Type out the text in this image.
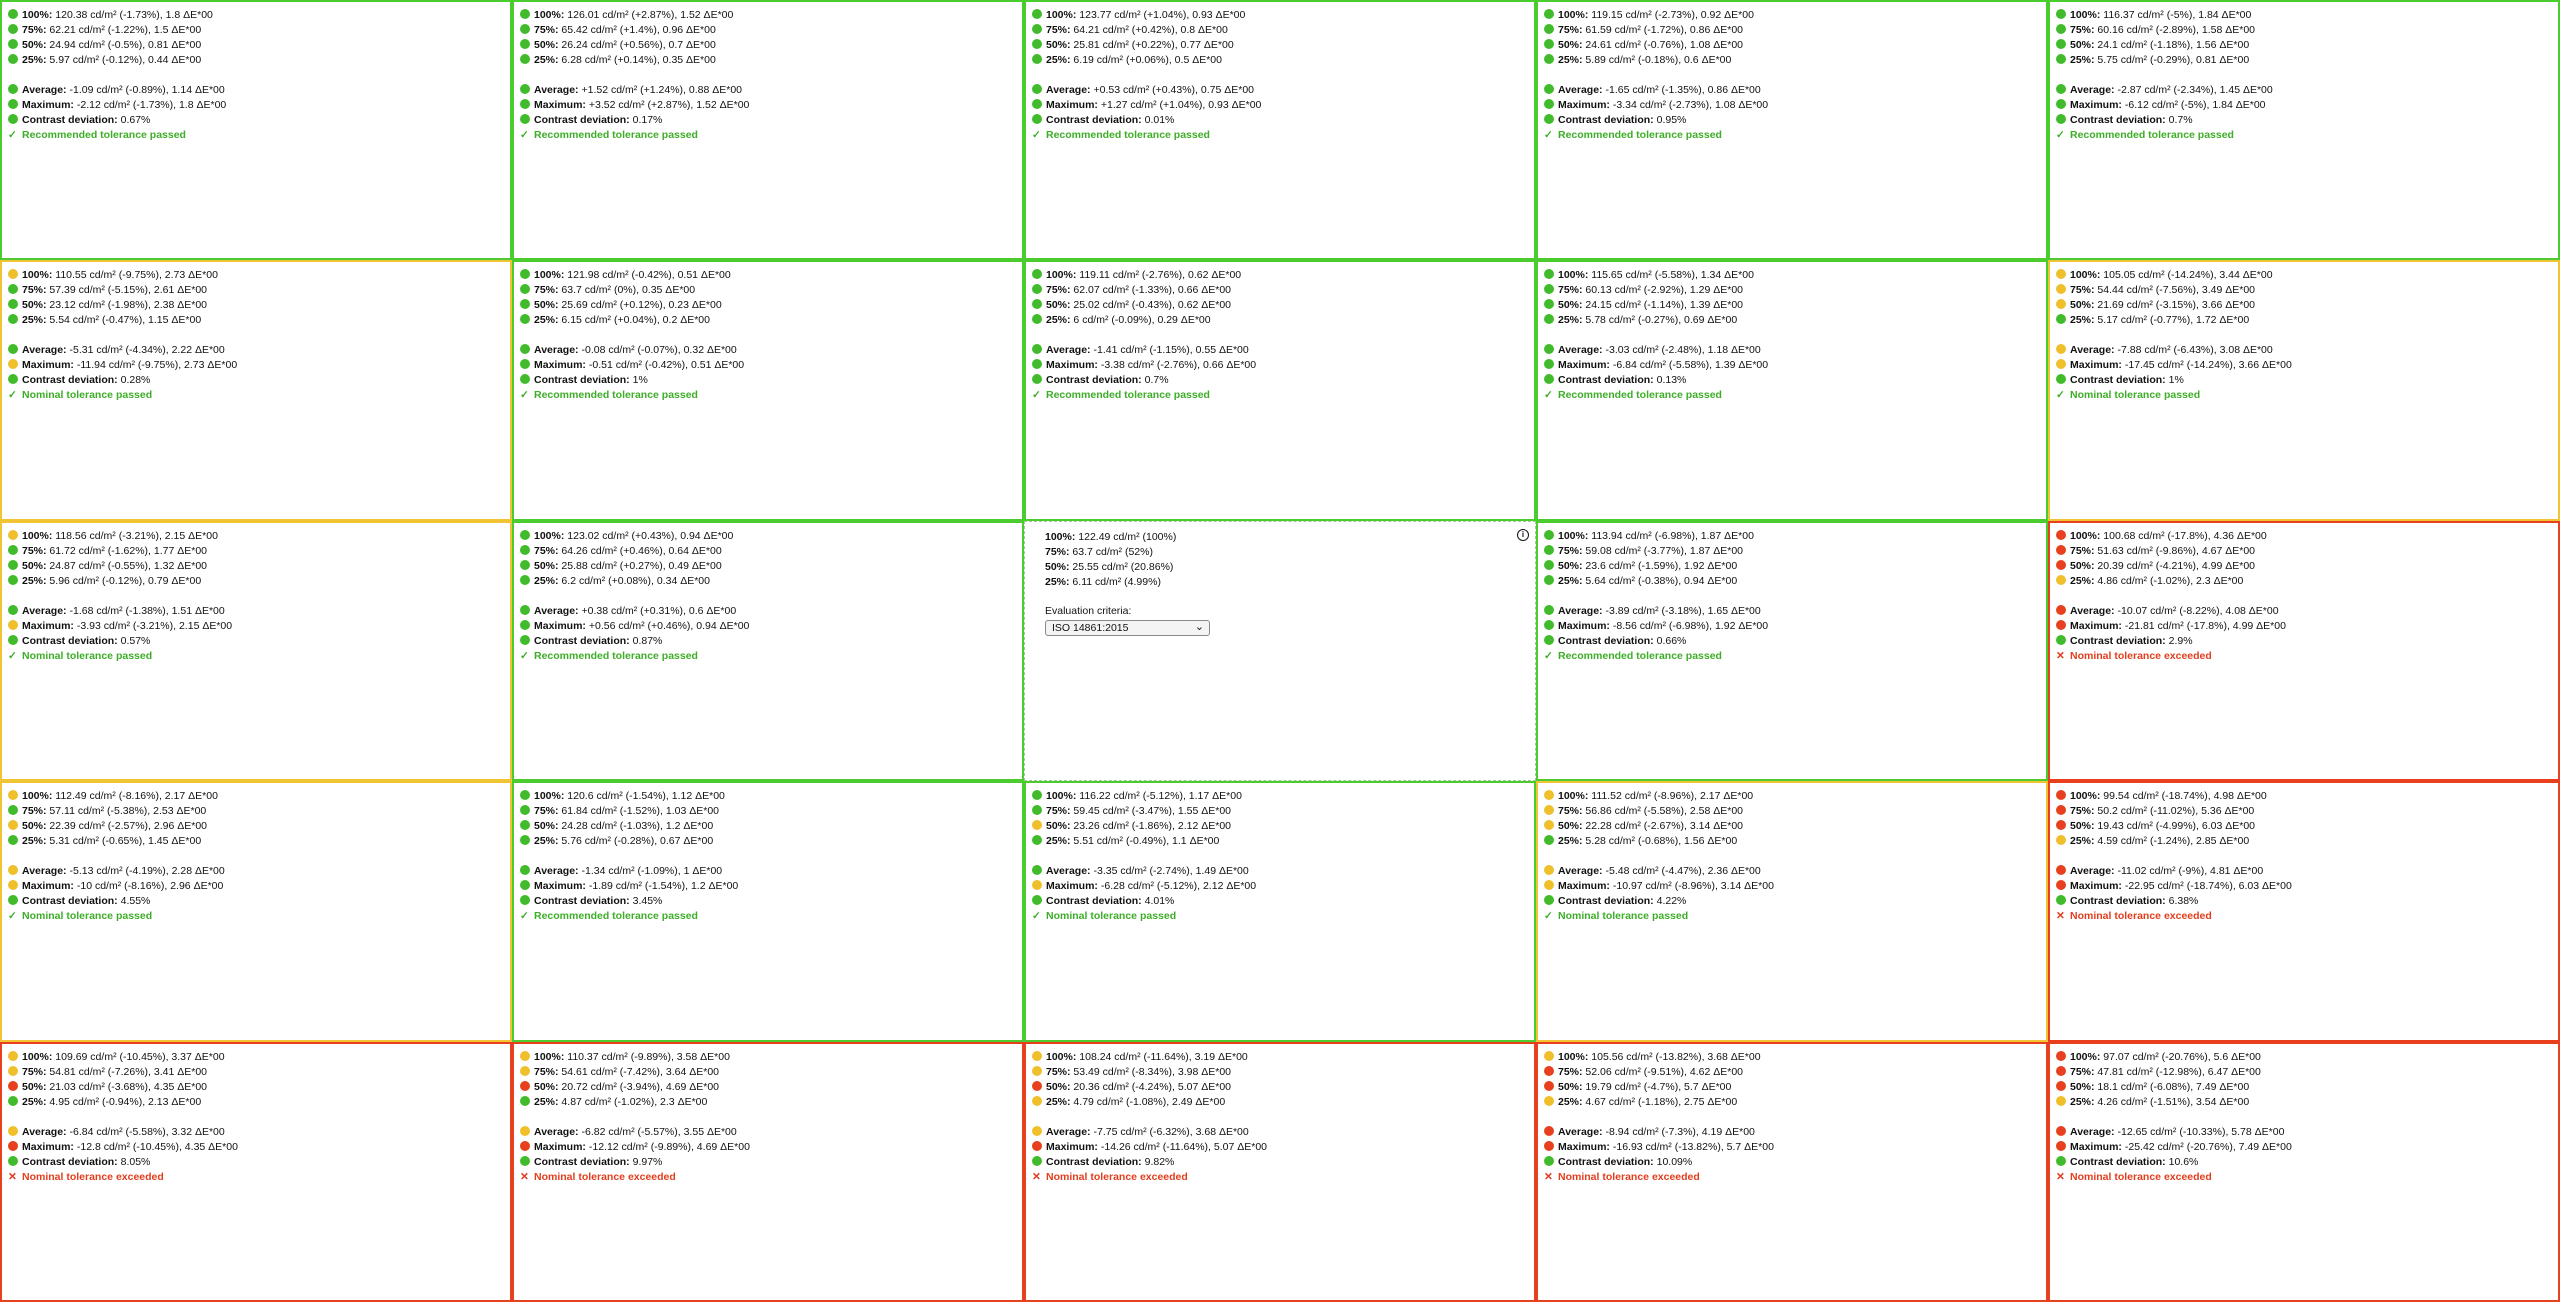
100%: 120.38 cd/m² (-1.73%), 1.8 ΔE*00
75%: 62.21 cd/m² (-1.22%), 1.5 ΔE*00
50%: 24.94 cd/m² (-0.5%), 0.81 ΔE*00
25%: 5.97 cd/m² (-0.12%), 0.44 ΔE*00
Average: -1.09 cd/m² (-0.89%), 1.14 ΔE*00
Maximum: -2.12 cd/m² (-1.73%), 1.8 ΔE*00
Contrast deviation: 0.67%
✓ Recommended tolerance passed
100%: 126.01 cd/m² (+2.87%), 1.52 ΔE*00
75%: 65.42 cd/m² (+1.4%), 0.96 ΔE*00
50%: 26.24 cd/m² (+0.56%), 0.7 ΔE*00
25%: 6.28 cd/m² (+0.14%), 0.35 ΔE*00
Average: +1.52 cd/m² (+1.24%), 0.88 ΔE*00
Maximum: +3.52 cd/m² (+2.87%), 1.52 ΔE*00
Contrast deviation: 0.17%
✓ Recommended tolerance passed
100%: 123.77 cd/m² (+1.04%), 0.93 ΔE*00
75%: 64.21 cd/m² (+0.42%), 0.8 ΔE*00
50%: 25.81 cd/m² (+0.22%), 0.77 ΔE*00
25%: 6.19 cd/m² (+0.06%), 0.5 ΔE*00
Average: +0.53 cd/m² (+0.43%), 0.75 ΔE*00
Maximum: +1.27 cd/m² (+1.04%), 0.93 ΔE*00
Contrast deviation: 0.01%
✓ Recommended tolerance passed
100%: 119.15 cd/m² (-2.73%), 0.92 ΔE*00
75%: 61.59 cd/m² (-1.72%), 0.86 ΔE*00
50%: 24.61 cd/m² (-0.76%), 1.08 ΔE*00
25%: 5.89 cd/m² (-0.18%), 0.6 ΔE*00
Average: -1.65 cd/m² (-1.35%), 0.86 ΔE*00
Maximum: -3.34 cd/m² (-2.73%), 1.08 ΔE*00
Contrast deviation: 0.95%
✓ Recommended tolerance passed
100%: 116.37 cd/m² (-5%), 1.84 ΔE*00
75%: 60.16 cd/m² (-2.89%), 1.58 ΔE*00
50%: 24.1 cd/m² (-1.18%), 1.56 ΔE*00
25%: 5.75 cd/m² (-0.29%), 0.81 ΔE*00
Average: -2.87 cd/m² (-2.34%), 1.45 ΔE*00
Maximum: -6.12 cd/m² (-5%), 1.84 ΔE*00
Contrast deviation: 0.7%
✓ Recommended tolerance passed
100%: 110.55 cd/m² (-9.75%), 2.73 ΔE*00
75%: 57.39 cd/m² (-5.15%), 2.61 ΔE*00
50%: 23.12 cd/m² (-1.98%), 2.38 ΔE*00
25%: 5.54 cd/m² (-0.47%), 1.15 ΔE*00
Average: -5.31 cd/m² (-4.34%), 2.22 ΔE*00
Maximum: -11.94 cd/m² (-9.75%), 2.73 ΔE*00
Contrast deviation: 0.28%
✓ Nominal tolerance passed
100%: 121.98 cd/m² (-0.42%), 0.51 ΔE*00
75%: 63.7 cd/m² (0%), 0.35 ΔE*00
50%: 25.69 cd/m² (+0.12%), 0.23 ΔE*00
25%: 6.15 cd/m² (+0.04%), 0.2 ΔE*00
Average: -0.08 cd/m² (-0.07%), 0.32 ΔE*00
Maximum: -0.51 cd/m² (-0.42%), 0.51 ΔE*00
Contrast deviation: 1%
✓ Recommended tolerance passed
100%: 119.11 cd/m² (-2.76%), 0.62 ΔE*00
75%: 62.07 cd/m² (-1.33%), 0.66 ΔE*00
50%: 25.02 cd/m² (-0.43%), 0.62 ΔE*00
25%: 6 cd/m² (-0.09%), 0.29 ΔE*00
Average: -1.41 cd/m² (-1.15%), 0.55 ΔE*00
Maximum: -3.38 cd/m² (-2.76%), 0.66 ΔE*00
Contrast deviation: 0.7%
✓ Recommended tolerance passed
100%: 115.65 cd/m² (-5.58%), 1.34 ΔE*00
75%: 60.13 cd/m² (-2.92%), 1.29 ΔE*00
50%: 24.15 cd/m² (-1.14%), 1.39 ΔE*00
25%: 5.78 cd/m² (-0.27%), 0.69 ΔE*00
Average: -3.03 cd/m² (-2.48%), 1.18 ΔE*00
Maximum: -6.84 cd/m² (-5.58%), 1.39 ΔE*00
Contrast deviation: 0.13%
✓ Recommended tolerance passed
100%: 105.05 cd/m² (-14.24%), 3.44 ΔE*00
75%: 54.44 cd/m² (-7.56%), 3.49 ΔE*00
50%: 21.69 cd/m² (-3.15%), 3.66 ΔE*00
25%: 5.17 cd/m² (-0.77%), 1.72 ΔE*00
Average: -7.88 cd/m² (-6.43%), 3.08 ΔE*00
Maximum: -17.45 cd/m² (-14.24%), 3.66 ΔE*00
Contrast deviation: 1%
✓ Nominal tolerance passed
100%: 118.56 cd/m² (-3.21%), 2.15 ΔE*00
75%: 61.72 cd/m² (-1.62%), 1.77 ΔE*00
50%: 24.87 cd/m² (-0.55%), 1.32 ΔE*00
25%: 5.96 cd/m² (-0.12%), 0.79 ΔE*00
Average: -1.68 cd/m² (-1.38%), 1.51 ΔE*00
Maximum: -3.93 cd/m² (-3.21%), 2.15 ΔE*00
Contrast deviation: 0.57%
✓ Nominal tolerance passed
100%: 123.02 cd/m² (+0.43%), 0.94 ΔE*00
75%: 64.26 cd/m² (+0.46%), 0.64 ΔE*00
50%: 25.88 cd/m² (+0.27%), 0.49 ΔE*00
25%: 6.2 cd/m² (+0.08%), 0.34 ΔE*00
Average: +0.38 cd/m² (+0.31%), 0.6 ΔE*00
Maximum: +0.56 cd/m² (+0.46%), 0.94 ΔE*00
Contrast deviation: 0.87%
✓ Recommended tolerance passed
100%: 122.49 cd/m² (100%)
75%: 63.7 cd/m² (52%)
50%: 25.55 cd/m² (20.86%)
25%: 6.11 cd/m² (4.99%)
Evaluation criteria:
ISO 14861:2015	⌄
i	100%: 113.94 cd/m² (-6.98%), 1.87 ΔE*00
75%: 59.08 cd/m² (-3.77%), 1.87 ΔE*00
50%: 23.6 cd/m² (-1.59%), 1.92 ΔE*00
25%: 5.64 cd/m² (-0.38%), 0.94 ΔE*00
Average: -3.89 cd/m² (-3.18%), 1.65 ΔE*00
Maximum: -8.56 cd/m² (-6.98%), 1.92 ΔE*00
Contrast deviation: 0.66%
✓ Recommended tolerance passed
100%: 100.68 cd/m² (-17.8%), 4.36 ΔE*00
75%: 51.63 cd/m² (-9.86%), 4.67 ΔE*00
50%: 20.39 cd/m² (-4.21%), 4.99 ΔE*00
25%: 4.86 cd/m² (-1.02%), 2.3 ΔE*00
Average: -10.07 cd/m² (-8.22%), 4.08 ΔE*00
Maximum: -21.81 cd/m² (-17.8%), 4.99 ΔE*00
Contrast deviation: 2.9%
✕ Nominal tolerance exceeded
100%: 112.49 cd/m² (-8.16%), 2.17 ΔE*00
75%: 57.11 cd/m² (-5.38%), 2.53 ΔE*00
50%: 22.39 cd/m² (-2.57%), 2.96 ΔE*00
25%: 5.31 cd/m² (-0.65%), 1.45 ΔE*00
Average: -5.13 cd/m² (-4.19%), 2.28 ΔE*00
Maximum: -10 cd/m² (-8.16%), 2.96 ΔE*00
Contrast deviation: 4.55%
✓ Nominal tolerance passed
100%: 120.6 cd/m² (-1.54%), 1.12 ΔE*00
75%: 61.84 cd/m² (-1.52%), 1.03 ΔE*00
50%: 24.28 cd/m² (-1.03%), 1.2 ΔE*00
25%: 5.76 cd/m² (-0.28%), 0.67 ΔE*00
Average: -1.34 cd/m² (-1.09%), 1 ΔE*00
Maximum: -1.89 cd/m² (-1.54%), 1.2 ΔE*00
Contrast deviation: 3.45%
✓ Recommended tolerance passed
100%: 116.22 cd/m² (-5.12%), 1.17 ΔE*00
75%: 59.45 cd/m² (-3.47%), 1.55 ΔE*00
50%: 23.26 cd/m² (-1.86%), 2.12 ΔE*00
25%: 5.51 cd/m² (-0.49%), 1.1 ΔE*00
Average: -3.35 cd/m² (-2.74%), 1.49 ΔE*00
Maximum: -6.28 cd/m² (-5.12%), 2.12 ΔE*00
Contrast deviation: 4.01%
✓ Nominal tolerance passed
100%: 111.52 cd/m² (-8.96%), 2.17 ΔE*00
75%: 56.86 cd/m² (-5.58%), 2.58 ΔE*00
50%: 22.28 cd/m² (-2.67%), 3.14 ΔE*00
25%: 5.28 cd/m² (-0.68%), 1.56 ΔE*00
Average: -5.48 cd/m² (-4.47%), 2.36 ΔE*00
Maximum: -10.97 cd/m² (-8.96%), 3.14 ΔE*00
Contrast deviation: 4.22%
✓ Nominal tolerance passed
100%: 99.54 cd/m² (-18.74%), 4.98 ΔE*00
75%: 50.2 cd/m² (-11.02%), 5.36 ΔE*00
50%: 19.43 cd/m² (-4.99%), 6.03 ΔE*00
25%: 4.59 cd/m² (-1.24%), 2.85 ΔE*00
Average: -11.02 cd/m² (-9%), 4.81 ΔE*00
Maximum: -22.95 cd/m² (-18.74%), 6.03 ΔE*00
Contrast deviation: 6.38%
✕ Nominal tolerance exceeded
100%: 109.69 cd/m² (-10.45%), 3.37 ΔE*00
75%: 54.81 cd/m² (-7.26%), 3.41 ΔE*00
50%: 21.03 cd/m² (-3.68%), 4.35 ΔE*00
25%: 4.95 cd/m² (-0.94%), 2.13 ΔE*00
Average: -6.84 cd/m² (-5.58%), 3.32 ΔE*00
Maximum: -12.8 cd/m² (-10.45%), 4.35 ΔE*00
Contrast deviation: 8.05%
✕ Nominal tolerance exceeded
100%: 110.37 cd/m² (-9.89%), 3.58 ΔE*00
75%: 54.61 cd/m² (-7.42%), 3.64 ΔE*00
50%: 20.72 cd/m² (-3.94%), 4.69 ΔE*00
25%: 4.87 cd/m² (-1.02%), 2.3 ΔE*00
Average: -6.82 cd/m² (-5.57%), 3.55 ΔE*00
Maximum: -12.12 cd/m² (-9.89%), 4.69 ΔE*00
Contrast deviation: 9.97%
✕ Nominal tolerance exceeded
100%: 108.24 cd/m² (-11.64%), 3.19 ΔE*00
75%: 53.49 cd/m² (-8.34%), 3.98 ΔE*00
50%: 20.36 cd/m² (-4.24%), 5.07 ΔE*00
25%: 4.79 cd/m² (-1.08%), 2.49 ΔE*00
Average: -7.75 cd/m² (-6.32%), 3.68 ΔE*00
Maximum: -14.26 cd/m² (-11.64%), 5.07 ΔE*00
Contrast deviation: 9.82%
✕ Nominal tolerance exceeded
100%: 105.56 cd/m² (-13.82%), 3.68 ΔE*00
75%: 52.06 cd/m² (-9.51%), 4.62 ΔE*00
50%: 19.79 cd/m² (-4.7%), 5.7 ΔE*00
25%: 4.67 cd/m² (-1.18%), 2.75 ΔE*00
Average: -8.94 cd/m² (-7.3%), 4.19 ΔE*00
Maximum: -16.93 cd/m² (-13.82%), 5.7 ΔE*00
Contrast deviation: 10.09%
✕ Nominal tolerance exceeded
100%: 97.07 cd/m² (-20.76%), 5.6 ΔE*00
75%: 47.81 cd/m² (-12.98%), 6.47 ΔE*00
50%: 18.1 cd/m² (-6.08%), 7.49 ΔE*00
25%: 4.26 cd/m² (-1.51%), 3.54 ΔE*00
Average: -12.65 cd/m² (-10.33%), 5.78 ΔE*00
Maximum: -25.42 cd/m² (-20.76%), 7.49 ΔE*00
Contrast deviation: 10.6%
✕ Nominal tolerance exceeded
